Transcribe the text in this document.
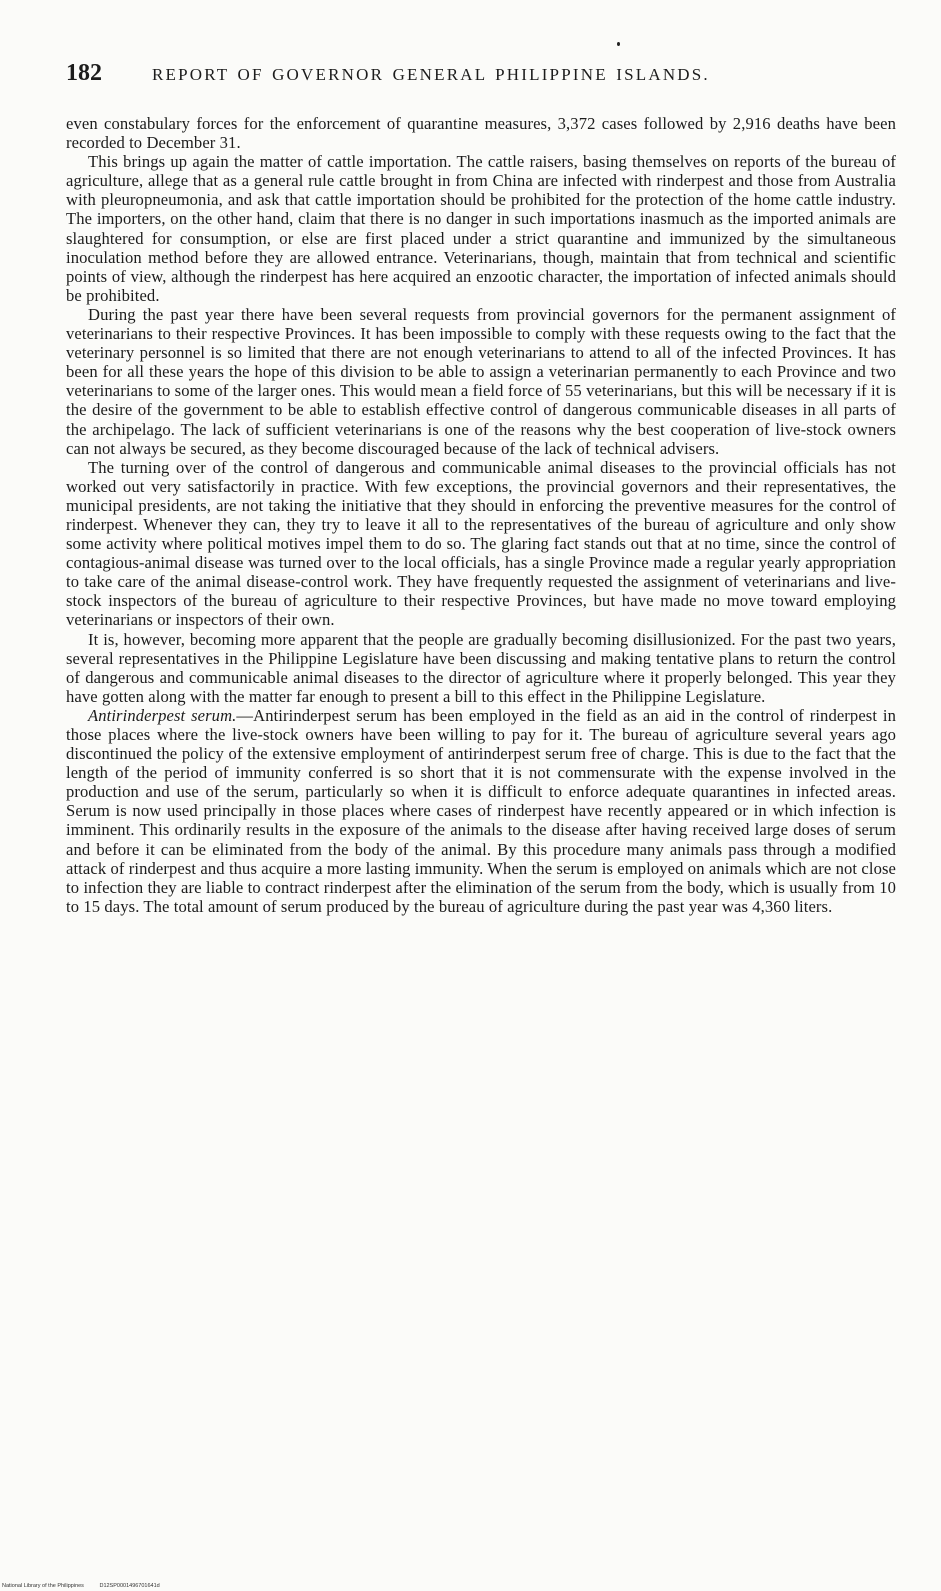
182	REPORT OF GOVERNOR GENERAL PHILIPPINE ISLANDS.

even constabulary forces for the enforcement of quarantine measures, 3,372 cases followed by 2,916 deaths have been recorded to December 31.

This brings up again the matter of cattle importation. The cattle raisers, basing themselves on reports of the bureau of agriculture, allege that as a general rule cattle brought in from China are infected with rinderpest and those from Australia with pleuropneumonia, and ask that cattle importation should be prohibited for the protection of the home cattle industry. The importers, on the other hand, claim that there is no danger in such importations inasmuch as the imported animals are slaughtered for consumption, or else are first placed under a strict quarantine and immunized by the simultaneous inoculation method before they are allowed entrance. Veterinarians, though, maintain that from technical and scientific points of view, although the rinderpest has here acquired an enzootic character, the importation of infected animals should be prohibited.

During the past year there have been several requests from provincial governors for the permanent assignment of veterinarians to their respective Provinces. It has been impossible to comply with these requests owing to the fact that the veterinary personnel is so limited that there are not enough veterinarians to attend to all of the infected Provinces. It has been for all these years the hope of this division to be able to assign a veterinarian permanently to each Province and two veterinarians to some of the larger ones. This would mean a field force of 55 veterinarians, but this will be necessary if it is the desire of the government to be able to establish effective control of dangerous communicable diseases in all parts of the archipelago. The lack of sufficient veterinarians is one of the reasons why the best cooperation of live-stock owners can not always be secured, as they become discouraged because of the lack of technical advisers.

The turning over of the control of dangerous and communicable animal diseases to the provincial officials has not worked out very satisfactorily in practice. With few exceptions, the provincial governors and their representatives, the municipal presidents, are not taking the initiative that they should in enforcing the preventive measures for the control of rinderpest. Whenever they can, they try to leave it all to the representatives of the bureau of agriculture and only show some activity where political motives impel them to do so. The glaring fact stands out that at no time, since the control of contagious-animal disease was turned over to the local officials, has a single Province made a regular yearly appropriation to take care of the animal disease-control work. They have frequently requested the assignment of veterinarians and live-stock inspectors of the bureau of agriculture to their respective Provinces, but have made no move toward employing veterinarians or inspectors of their own.

It is, however, becoming more apparent that the people are gradually becoming disillusionized. For the past two years, several representatives in the Philippine Legislature have been discussing and making tentative plans to return the control of dangerous and communicable animal diseases to the director of agriculture where it properly belonged. This year they have gotten along with the matter far enough to present a bill to this effect in the Philippine Legislature.

Antirinderpest serum.—Antirinderpest serum has been employed in the field as an aid in the control of rinderpest in those places where the live-stock owners have been willing to pay for it. The bureau of agriculture several years ago discontinued the policy of the extensive employment of antirinderpest serum free of charge. This is due to the fact that the length of the period of immunity conferred is so short that it is not commensurate with the expense involved in the production and use of the serum, particularly so when it is difficult to enforce adequate quarantines in infected areas. Serum is now used principally in those places where cases of rinderpest have recently appeared or in which infection is imminent. This ordinarily results in the exposure of the animals to the disease after having received large doses of serum and before it can be eliminated from the body of the animal. By this procedure many animals pass through a modified attack of rinderpest and thus acquire a more lasting immunity. When the serum is employed on animals which are not close to infection they are liable to contract rinderpest after the elimination of the serum from the body, which is usually from 10 to 15 days. The total amount of serum produced by the bureau of agriculture during the past year was 4,360 liters.

National Library of the Philippines	D12SP0001496701641d
